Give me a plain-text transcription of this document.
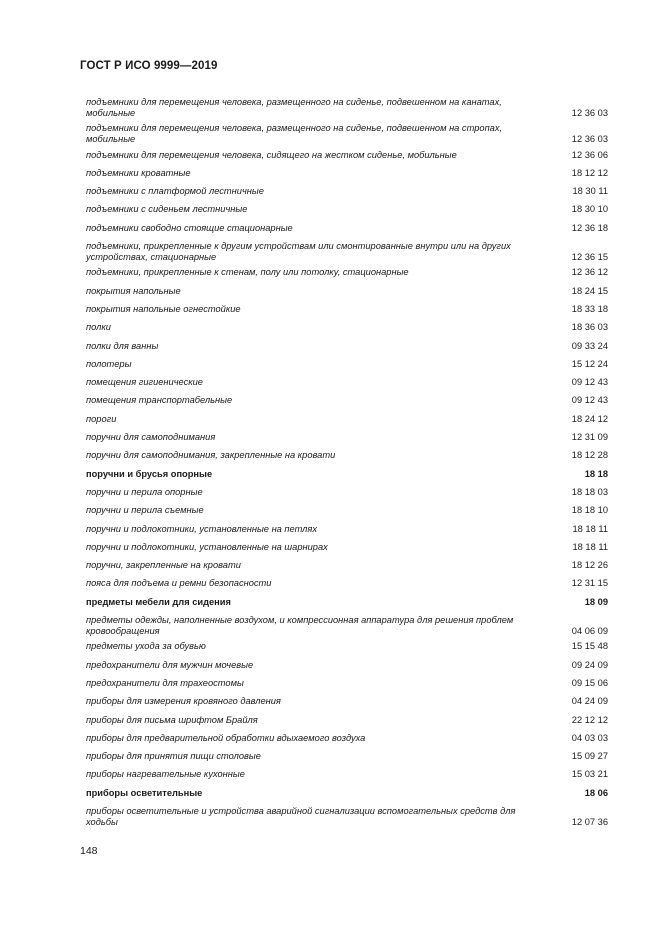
ГОСТ Р ИСО 9999—2019
подъемники для перемещения человека, размещенного на сиденье, подвешенном на канатах, мобильные	12 36 03
подъемники для перемещения человека, размещенного на сиденье, подвешенном на стропах, мобильные	12 36 03
подъемники для перемещения человека, сидящего на жестком сиденье, мобильные	12 36 06
подъемники кроватные	18 12 12
подъемники с платформой лестничные	18 30 11
подъемники с сиденьем лестничные	18 30 10
подъемники свободно стоящие стационарные	12 36 18
подъемники, прикрепленные к другим устройствам или смонтированные внутри или на других устройствах, стационарные	12 36 15
подъемники, прикрепленные к стенам, полу или потолку, стационарные	12 36 12
покрытия напольные	18 24 15
покрытия напольные огнестойкие	18 33 18
полки	18 36 03
полки для ванны	09 33 24
полотеры	15 12 24
помещения гигиенические	09 12 43
помещения транспортабельные	09 12 43
пороги	18 24 12
поручни для самоподнимания	12 31 09
поручни для самоподнимания, закрепленные на кровати	18 12 28
поручни и брусья опорные	18 18
поручни и перила опорные	18 18 03
поручни и перила съемные	18 18 10
поручни и подлокотники, установленные на петлях	18 18 11
поручни и подлокотники, установленные на шарнирах	18 18 11
поручни, закрепленные на кровати	18 12 26
пояса для подъема и ремни безопасности	12 31 15
предметы мебели для сидения	18 09
предметы одежды, наполненные воздухом, и компрессионная аппаратура для решения проблем кровообращения	04 06 09
предметы ухода за обувью	15 15 48
предохранители для мужчин мочевые	09 24 09
предохранители для трахеостомы	09 15 06
приборы для измерения кровяного давления	04 24 09
приборы для письма шрифтом Брайля	22 12 12
приборы для предварительной обработки вдыхаемого воздуха	04 03 03
приборы для принятия пищи столовые	15 09 27
приборы нагревательные кухонные	15 03 21
приборы осветительные	18 06
приборы осветительные и устройства аварийной сигнализации вспомогательных средств для ходьбы	12 07 36
148
